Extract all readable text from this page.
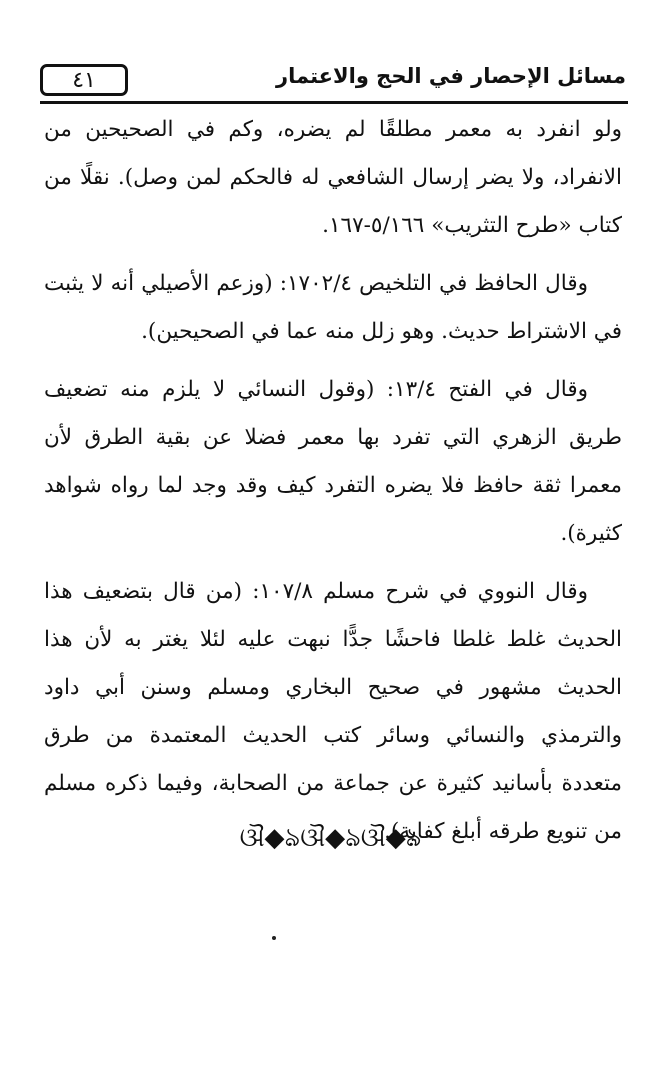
٤١	مسائل الإحصار في الحج والاعتمار

ولو انفرد به معمر مطلقًا لم يضره، وكم في الصحيحين من الانفراد، ولا يضر إرسال الشافعي له فالحكم لمن وصل). نقلًا من كتاب «طرح التثريب» ٥/١٦٦-١٦٧.

وقال الحافظ في التلخيص ١٧٠٢/٤: (وزعم الأصيلي أنه لا يثبت في الاشتراط حديث. وهو زلل منه عما في الصحيحين).

وقال في الفتح ١٣/٤: (وقول النسائي لا يلزم منه تضعيف طريق الزهري التي تفرد بها معمر فضلا عن بقية الطرق لأن معمرا ثقة حافظ فلا يضره التفرد كيف وقد وجد لما رواه شواهد كثيرة).

وقال النووي في شرح مسلم ١٠٧/٨: (من قال بتضعيف هذا الحديث غلط غلطا فاحشًا جدًّا نبهت عليه لئلا يغتر به لأن هذا الحديث مشهور في صحيح البخاري ومسلم وسنن أبي داود والترمذي والنسائي وسائر كتب الحديث المعتمدة من طرق متعددة بأسانيد كثيرة عن جماعة من الصحابة، وفيما ذكره مسلم من تنويع طرقه أبلغ كفاية).

ଔ◆ঌଔ◆ঌଔ◆ঌ
